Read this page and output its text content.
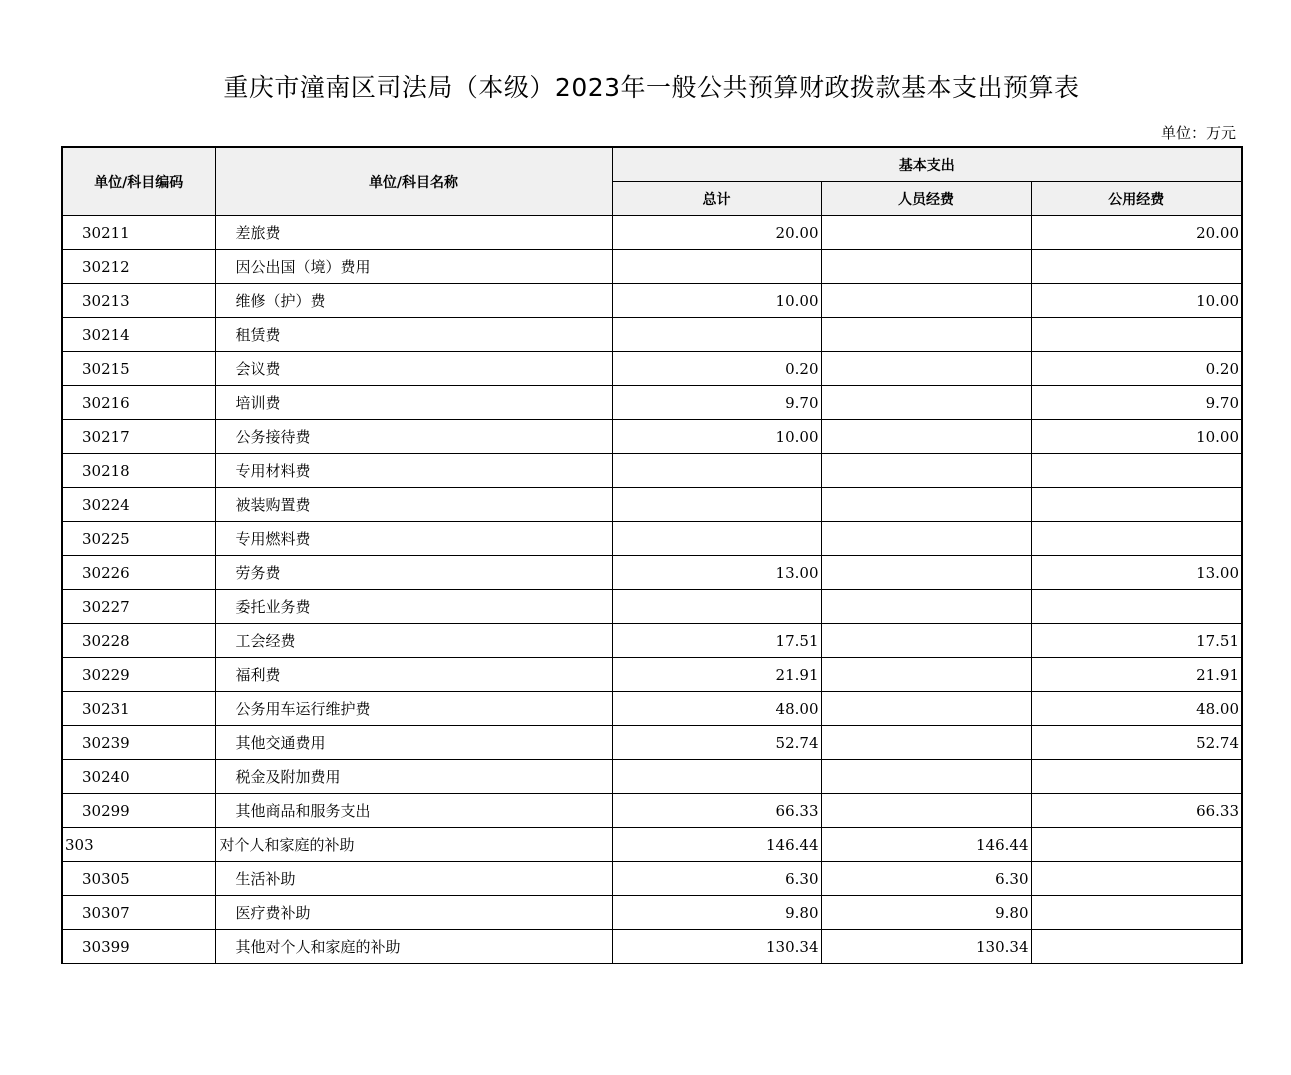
重庆市潼南区司法局（本级）2023年一般公共预算财政拨款基本支出预算表
单位：万元
单位/科目编码	单位/科目名称	基本支出		
		总计	人员经费	公用经费
30211	差旅费	20.00		20.00
30212	因公出国（境）费用			
30213	维修（护）费	10.00		10.00
30214	租赁费			
30215	会议费	0.20		0.20
30216	培训费	9.70		9.70
30217	公务接待费	10.00		10.00
30218	专用材料费			
30224	被装购置费			
30225	专用燃料费			
30226	劳务费	13.00		13.00
30227	委托业务费			
30228	工会经费	17.51		17.51
30229	福利费	21.91		21.91
30231	公务用车运行维护费	48.00		48.00
30239	其他交通费用	52.74		52.74
30240	税金及附加费用			
30299	其他商品和服务支出	66.33		66.33
303	对个人和家庭的补助	146.44	146.44	
30305	生活补助	6.30	6.30	
30307	医疗费补助	9.80	9.80	
30399	其他对个人和家庭的补助	130.34	130.34	
